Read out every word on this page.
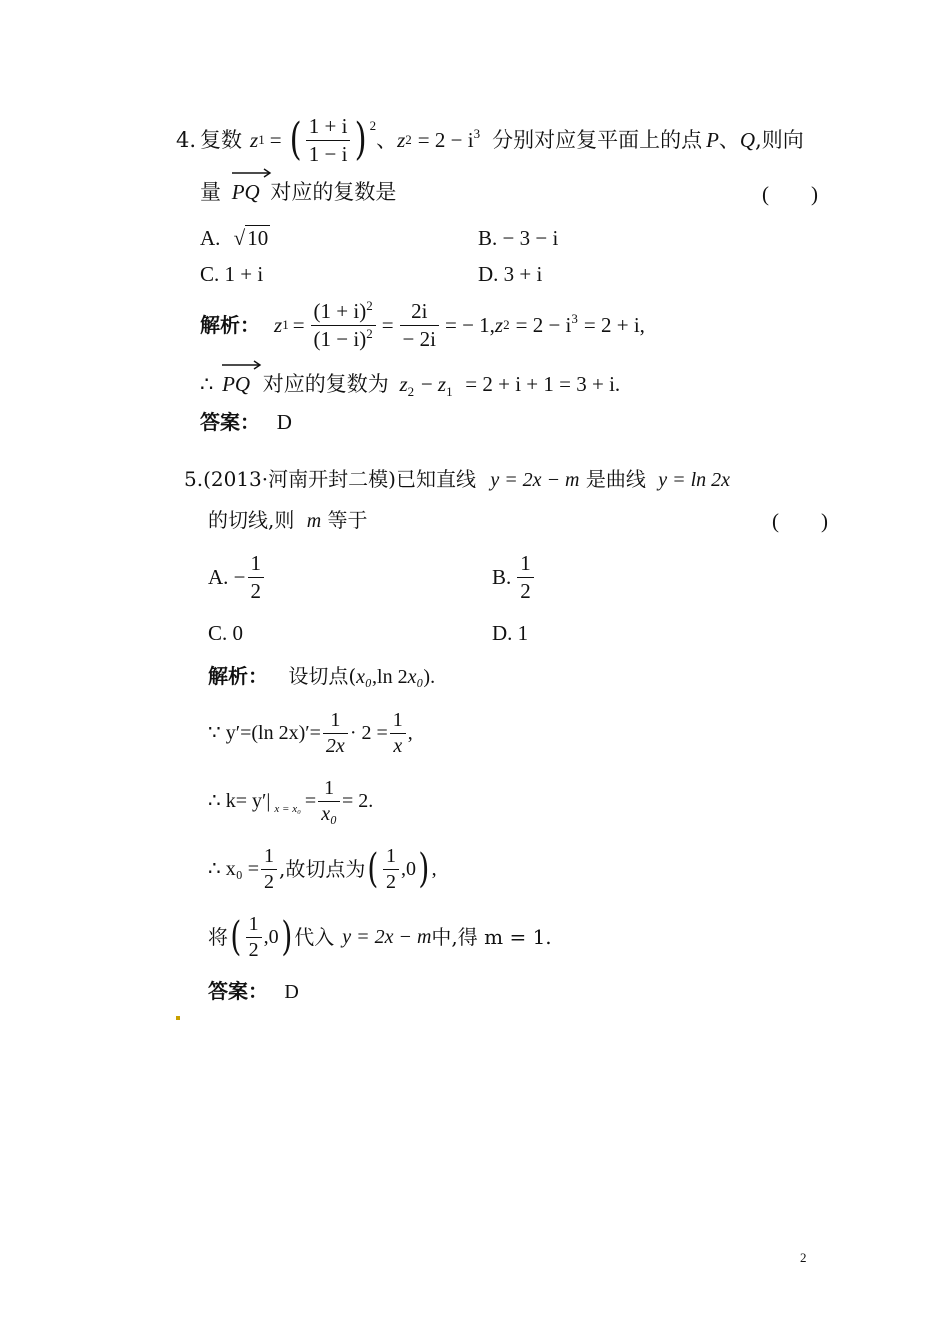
4. 复数 z 1 = ( $\frac{1 + i}{1 - i} )^2$
、 z $2 = 2 - i^3$ 分别对应复平面上的点 P 、 Q ,则向
量 PQ 对应的复数是	(　　)
A. √10	B. − 3 − i
C. 1 + i	D. 3 + i
解析： z $1 = \frac{(1 + i)^2}{(1 - i)^2} = \frac{2i}{- 2i}$ = − 1, z $2 = 2 - i^3 = 2 + i$,
∴ PQ 对应的复数为 $z_2 - z_1 = 2 + i + 1 = 3 + i$.
答案： D
5.(2013·河南开封二模)已知直线 y = 2x − m 是曲线 y = ln 2x
的切线,则 m 等于	(　　)
A. − $\frac{1}{2}$	B. $\frac{1}{2}$
C. 0	D. 1
解析： 设切点(x₀,ln 2x₀).
∵ y′=(ln $2x)'= \frac{1}{2x} \cdot 2 = \frac{1}{x}$ ,
∴ k= y′| $x = x_0 = \frac{1}{\text{x₀}} = 2$.
∴ $x_0 = \frac{1}{2}$ ,故切点为 ( $\frac{1}{2} ,0$ ) ,
将 ( $\frac{1}{2} ,0$ ) 代入 y = 2x − m 中,得 m = 1.
答案： D
2
